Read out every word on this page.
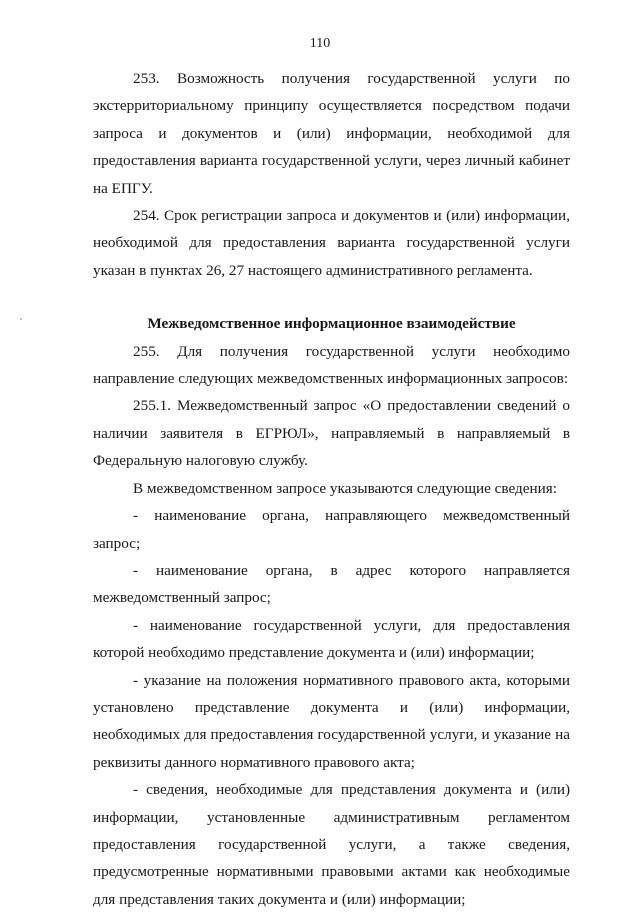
110

253. Возможность получения государственной услуги по экстерриториальному принципу осуществляется посредством подачи запроса и документов и (или) информации, необходимой для предоставления варианта государственной услуги, через личный кабинет на ЕПГУ.

254. Срок регистрации запроса и документов и (или) информации, необходимой для предоставления варианта государственной услуги указан в пунктах 26, 27 настоящего административного регламента.

Межведомственное информационное взаимодействие

255. Для получения государственной услуги необходимо направление следующих межведомственных информационных запросов:

255.1. Межведомственный запрос «О предоставлении сведений о наличии заявителя в ЕГРЮЛ», направляемый в направляемый в Федеральную налоговую службу.

В межведомственном запросе указываются следующие сведения:

- наименование органа, направляющего межведомственный запрос;

- наименование органа, в адрес которого направляется межведомственный запрос;

- наименование государственной услуги, для предоставления которой необходимо представление документа и (или) информации;

- указание на положения нормативного правового акта, которыми установлено представление документа и (или) информации, необходимых для предоставления государственной услуги, и указание на реквизиты данного нормативного правового акта;

- сведения, необходимые для представления документа и (или) информации, установленные административным регламентом предоставления государственной услуги, а также сведения, предусмотренные нормативными правовыми актами как необходимые для представления таких документа и (или) информации;
